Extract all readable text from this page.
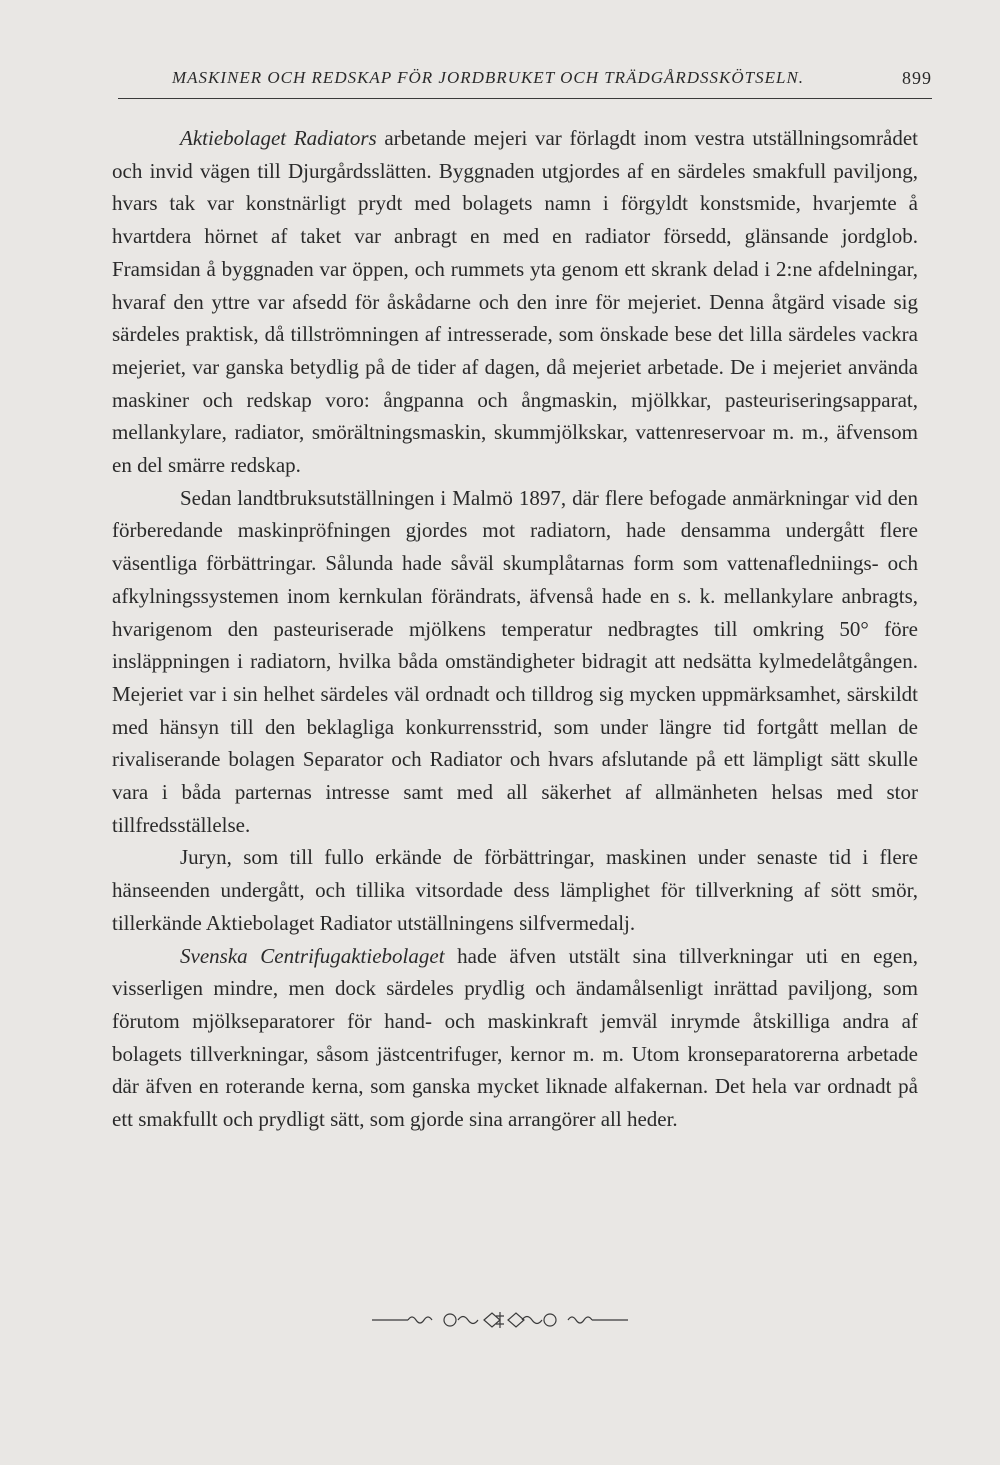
MASKINER OCH REDSKAP FÖR JORDBRUKET OCH TRÄDGÅRDSSKÖTSELN.	899

Aktiebolaget Radiators arbetande mejeri var förlagdt inom vestra utställningsområdet och invid vägen till Djurgårdsslätten. Byggnaden utgjordes af en särdeles smakfull paviljong, hvars tak var konstnärligt prydt med bolagets namn i förgyldt konstsmide, hvarjemte å hvartdera hörnet af taket var anbragt en med en radiator försedd, glänsande jordglob. Framsidan å byggnaden var öppen, och rummets yta genom ett skrank delad i 2:ne afdelningar, hvaraf den yttre var afsedd för åskådarne och den inre för mejeriet. Denna åtgärd visade sig särdeles praktisk, då tillströmningen af intresserade, som önskade bese det lilla särdeles vackra mejeriet, var ganska betydlig på de tider af dagen, då mejeriet arbetade. De i mejeriet använda maskiner och redskap voro: ångpanna och ångmaskin, mjölkkar, pasteuriseringsapparat, mellankylare, radiator, smörältningsmaskin, skummjölkskar, vattenreservoar m. m., äfvensom en del smärre redskap.

Sedan landtbruksutställningen i Malmö 1897, där flere befogade anmärkningar vid den förberedande maskinpröfningen gjordes mot radiatorn, hade densamma undergått flere väsentliga förbättringar. Sålunda hade såväl skumplåtarnas form som vattenafledniings- och afkylningssystemen inom kernkulan förändrats, äfvenså hade en s. k. mellankylare anbragts, hvarigenom den pasteuriserade mjölkens temperatur nedbragtes till omkring 50° före insläppningen i radiatorn, hvilka båda omständigheter bidragit att nedsätta kylmedelåtgången. Mejeriet var i sin helhet särdeles väl ordnadt och tilldrog sig mycken uppmärksamhet, särskildt med hänsyn till den beklagliga konkurrensstrid, som under längre tid fortgått mellan de rivaliserande bolagen Separator och Radiator och hvars afslutande på ett lämpligt sätt skulle vara i båda parternas intresse samt med all säkerhet af allmänheten helsas med stor tillfredsställelse.

Juryn, som till fullo erkände de förbättringar, maskinen under senaste tid i flere hänseenden undergått, och tillika vitsordade dess lämplighet för tillverkning af sött smör, tillerkände Aktiebolaget Radiator utställningens silfvermedalj.

Svenska Centrifugaktiebolaget hade äfven utstält sina tillverkningar uti en egen, visserligen mindre, men dock särdeles prydlig och ändamålsenligt inrättad paviljong, som förutom mjölkseparatorer för hand- och maskinkraft jemväl inrymde åtskilliga andra af bolagets tillverkningar, såsom jästcentrifuger, kernor m. m. Utom kronseparatorerna arbetade där äfven en roterande kerna, som ganska mycket liknade alfakernan. Det hela var ordnadt på ett smakfullt och prydligt sätt, som gjorde sina arrangörer all heder.
